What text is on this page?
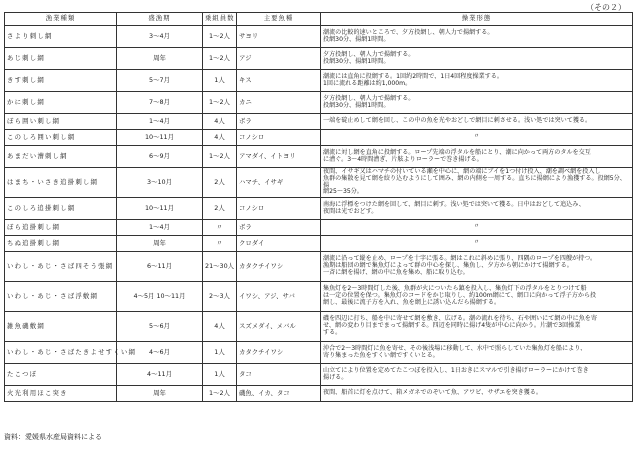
（その２）
漁業種類	盛漁期	乗組員数	主要魚種	操業形態
さより刺し網	3〜4月	1〜2人	サヨリ	潮流の比較的速いところで、夕方投網し、朝人力で揚網する。
投網30分、揚網1時間。

あじ刺し網	周年	1〜2人	アジ	夕方投網し、朝人力で揚網する。
投網30分、揚網1時間。

きす刺し網	5〜7月	1人	キス	潮流には直角に投網する。1回約2時間で、1日4回程度操業する。
1回に流れる距離は約1,000m。

かに刺し網	7〜8月	1〜2人	カニ	夕方投網し、朝人力で揚網する。
投網30分、揚網1時間。

ぼら囲い刺し網	1〜4月	4人	ボラ	一端を碇止めして網を回し、この中の魚を光やおどしで網目に刺させる。浅い処では突いて獲る。

このしろ囲い刺し網	10〜11月	4人	コノシロ	〃

あまだい漕刺し網	6〜9月	1〜2人	アマダイ、イトヨリ	潮流に対し網を直角に投網する。ロープ先端の浮タルを船にとり、潮に向かって両方のタルを交互
に漕ぐ。3〜4時間漕ぎ、片舷よりローラーで巻き揚げる。

はまち・いさき追掛刺し網	3〜10月	2人	ハマチ、イサギ	夜間、イサギ又はハマチの付いている瀬を中心に、網の端にブイを1つ付け投入、潮を調べ網を投入し
魚群の集散を見て網を絞り込むようにして囲み、網の内側を一周する。直ちに揚網により漁獲する。投網5分、揚
網25〜35分。

このしろ追掛刺し網	10〜11月	2人	コノシロ	南海に浮標をつけた網を回して、網目に刺す。浅い処では突いて獲る。日中はおどして追込み、
夜間は光でおどす。

ぼら追掛刺し網	1〜4月	〃	ボラ	〃

ちぬ追掛刺し網	周年	〃	クロダイ	〃

いわし・あじ・さば四そう張網	6〜11月	21〜30人	カタクチイワシ	潮流に沿って縦を止め、ロープを十字に張る。網はこれに斜めに張り、四隅のロープを四艘が持つ。
漁期は船団の網で集魚灯によって群の中心を探し、集魚し、夕方から朝にかけて揚網する。
一斉に網を揚げ、網の中に魚を集め、船に取り込む。

いわし・あじ・さば浮敷網	4〜5月 10〜11月	2〜3人	イワシ、アジ、サバ	集魚灯を2〜3時間灯した後、魚群が火についたら鎮を投入し、集魚灯下の浮タルをとりつけて船
は一定の位置を保つ。集魚灯のコードをかじ取りし、約100m網にて、網口に向かって浮子方から投
網し、最後に流子方を入れ、魚を網上に誘い込んだら揚網する。

雑魚磯敷網	5〜6月	4人	スズメダイ、メバル	磯を四辺に打ち、船を中に寄せて網を敷き、広げる。潮の流れを待ち、石や囲いにて網の中に魚を寄
せ、網の変わり目までまって揚網する。四辺を同時に揚げ4隻が中心に向かう。片潮で3回操業
する。

いわし・あじ・さばたきよせすくい網	4〜6月	1人	カタクチイワシ	沖合で2〜3時間灯に魚を寄せ、その後浅場に移動して、水中で照らしていた集魚灯を船により、
寄り集まった魚をすくい網ですくいとる。

たこつぼ	4〜11月	1人	タコ	山立てにより位置を定めてたこつぼを投入し、1日おきにスマルで引き揚げローラーにかけて巻き
揚げる。

火光利用ほこ突き	周年	1〜2人	磯魚、イカ、タコ	夜間、船首に灯を点けて、箱メガネでのぞいて魚、アワビ、サザエを突き獲る。
資料：愛媛県水産局資料による
